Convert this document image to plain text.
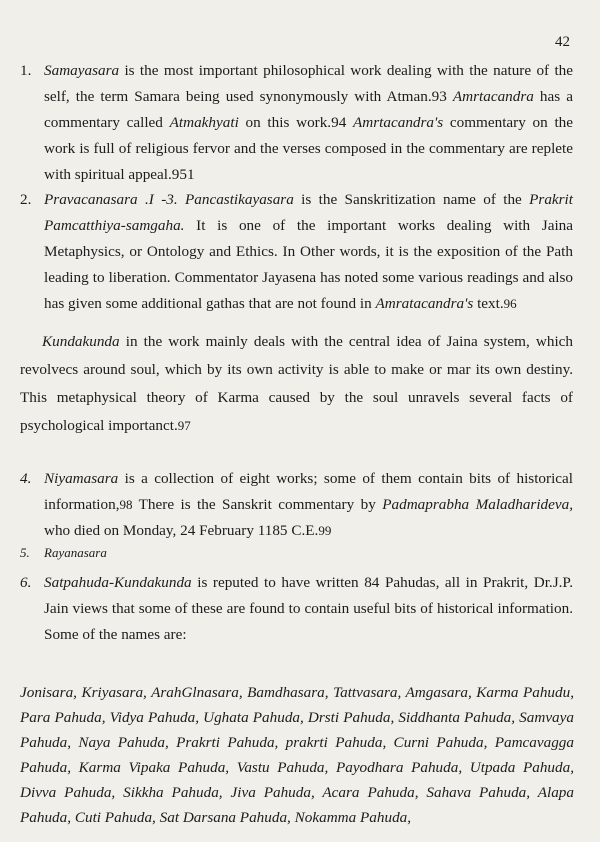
42
1. Samayasara is the most important philosophical work dealing with the nature of the self, the term Samara being used synonymously with Atman.93 Amrtacandra has a commentary called Atmakhyati on this work.94 Amrtacandra's commentary on the work is full of religious fervor and the verses composed in the commentary are replete with spiritual appeal.951
2. Pravacanasara .I -3. Pancastikayasara is the Sanskritization name of the Prakrit Pamcatthiya-samgaha. It is one of the important works dealing with Jaina Metaphysics, or Ontology and Ethics. In Other words, it is the exposition of the Path leading to liberation. Commentator Jayasena has noted some various readings and also has given some additional gathas that are not found in Amratacandra's text.96
Kundakunda in the work mainly deals with the central idea of Jaina system, which revolvecs around soul, which by its own activity is able to make or mar its own destiny. This metaphysical theory of Karma caused by the soul unravels several facts of psychological importanct.97
4. Niyamasara is a collection of eight works; some of them contain bits of historical information,98 There is the Sanskrit commentary by Padmaprabha Maladharideva, who died on Monday, 24 February 1185 C.E.99
5. Rayanasara
6. Satpahuda-Kundakunda is reputed to have written 84 Pahudas, all in Prakrit, Dr.J.P. Jain views that some of these are found to contain useful bits of historical information. Some of the names are:
Jonisara, Kriyasara, ArahGlnasara, Bamdhasara, Tattvasara, Amgasara, Karma Pahudu, Para Pahuda, Vidya Pahuda, Ughata Pahuda, Drsti Pahuda, Siddhanta Pahuda, Samvaya Pahuda, Naya Pahuda, Prakrti Pahuda, prakrti Pahuda, Curni Pahuda, Pamcavagga Pahuda, Karma Vipaka Pahuda, Vastu Pahuda, Payodhara Pahuda, Utpada Pahuda, Divva Pahuda, Sikkha Pahuda, Jiva Pahuda, Acara Pahuda, Sahava Pahuda, Alapa Pahuda, Cuti Pahuda, Sat Darsana Pahuda, Nokamma Pahuda,
